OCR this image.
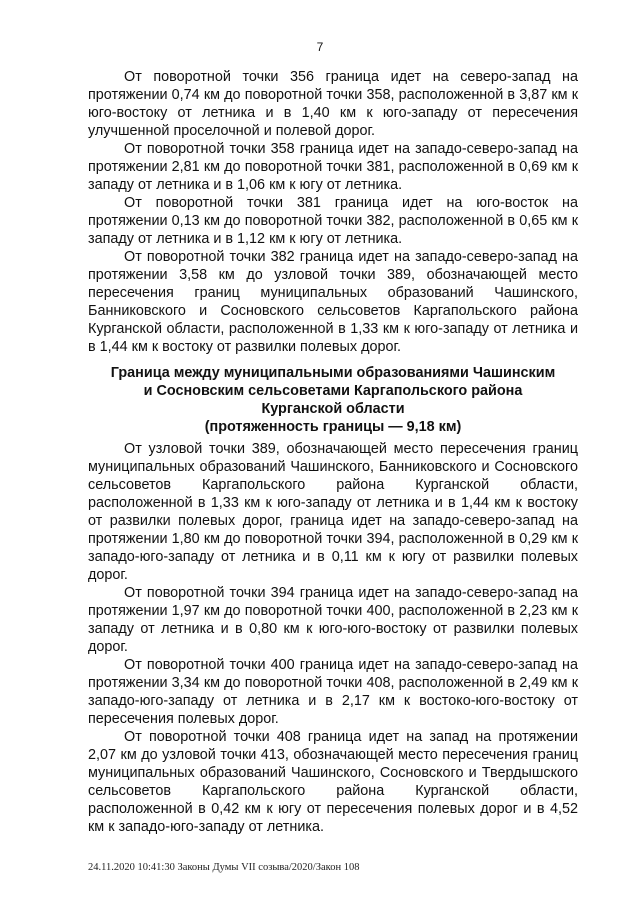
7

От поворотной точки 356 граница идет на северо-запад на протяжении 0,74 км до поворотной точки 358, расположенной в 3,87 км к юго-востоку от летника и в 1,40 км к юго-западу от пересечения улучшенной проселочной и полевой дорог.

От поворотной точки 358 граница идет на западо-северо-запад на протяжении 2,81 км до поворотной точки 381, расположенной в 0,69 км к западу от летника и в 1,06 км к югу от летника.

От поворотной точки 381 граница идет на юго-восток на протяжении 0,13 км до поворотной точки 382, расположенной в 0,65 км к западу от летника и в 1,12 км к югу от летника.

От поворотной точки 382 граница идет на западо-северо-запад на протяжении 3,58 км до узловой точки 389, обозначающей место пересечения границ муниципальных образований Чашинского, Банниковского и Сосновского сельсоветов Каргапольского района Курганской области, расположенной в 1,33 км к юго-западу от летника и в 1,44 км к востоку от развилки полевых дорог.

Граница между муниципальными образованиями Чашинским
и Сосновским сельсоветами Каргапольского района
Курганской области
(протяженность границы — 9,18 км)

От узловой точки 389, обозначающей место пересечения границ муниципальных образований Чашинского, Банниковского и Сосновского сельсоветов Каргапольского района Курганской области, расположенной в 1,33 км к юго-западу от летника и в 1,44 км к востоку от развилки полевых дорог, граница идет на западо-северо-запад на протяжении 1,80 км до поворотной точки 394, расположенной в 0,29 км к западо-юго-западу от летника и в 0,11 км к югу от развилки полевых дорог.

От поворотной точки 394 граница идет на западо-северо-запад на протяжении 1,97 км до поворотной точки 400, расположенной в 2,23 км к западу от летника и в 0,80 км к юго-юго-востоку от развилки полевых дорог.

От поворотной точки 400 граница идет на западо-северо-запад на протяжении 3,34 км до поворотной точки 408, расположенной в 2,49 км к западо-юго-западу от летника и в 2,17 км к востоко-юго-востоку от пересечения полевых дорог.

От поворотной точки 408 граница идет на запад на протяжении 2,07 км до узловой точки 413, обозначающей место пересечения границ муниципальных образований Чашинского, Сосновского и Твердышского сельсоветов Каргапольского района Курганской области, расположенной в 0,42 км к югу от пересечения полевых дорог и в 4,52 км к западо-юго-западу от летника.

24.11.2020 10:41:30 Законы Думы VII созыва/2020/Закон 108
